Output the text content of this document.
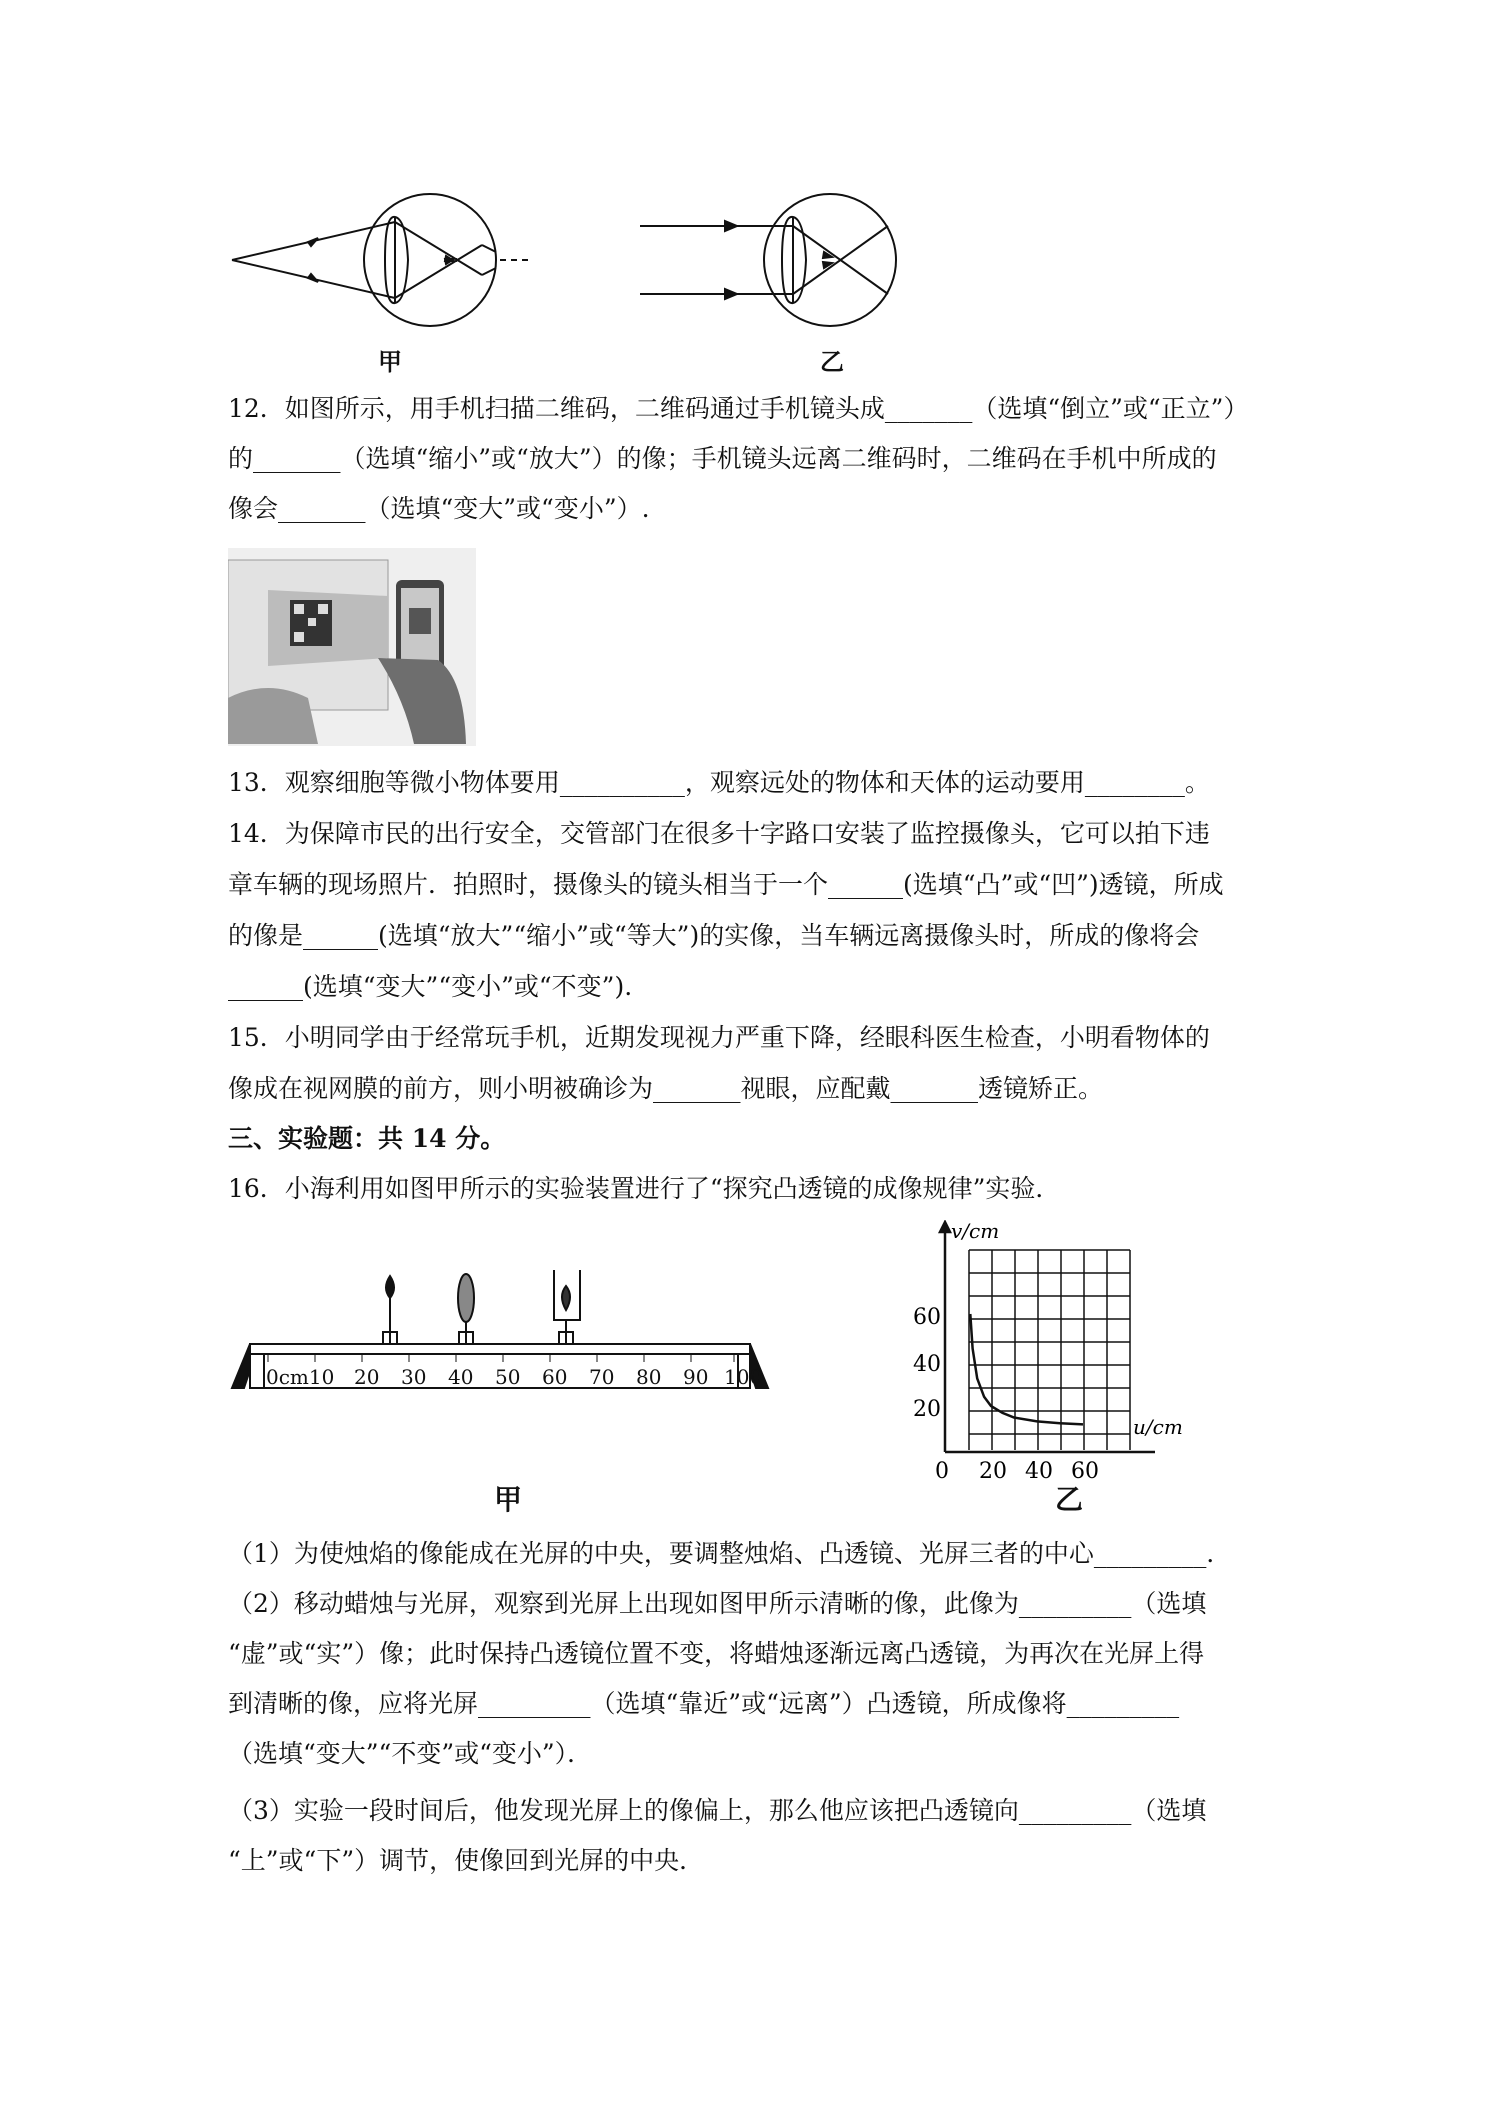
甲	乙
12．如图所示，用手机扫描二维码，二维码通过手机镜头成_______（选填“倒立”或“正立”）
的_______（选填“缩小”或“放大”）的像；手机镜头远离二维码时，二维码在手机中所成的
像会_______（选填“变大”或“变小”）.
13．观察细胞等微小物体要用__________，观察远处的物体和天体的运动要用________。
14．为保障市民的出行安全，交管部门在很多十字路口安装了监控摄像头，它可以拍下违
章车辆的现场照片．拍照时，摄像头的镜头相当于一个______(选填“凸”或“凹”)透镜，所成
的像是______(选填“放大”“缩小”或“等大”)的实像，当车辆远离摄像头时，所成的像将会
______(选填“变大”“变小”或“不变”).
15．小明同学由于经常玩手机，近期发现视力严重下降，经眼科医生检查，小明看物体的
像成在视网膜的前方，则小明被确诊为_______视眼，应配戴_______透镜矫正。
三、实验题：共 14 分。
16．小海利用如图甲所示的实验装置进行了“探究凸透镜的成像规律”实验．
0cm10 20 30 40 50 60 70 80 90 100
甲
v/cm
u/cm
60
40
20
0 20 40 60
乙
（1）为使烛焰的像能成在光屏的中央，要调整烛焰、凸透镜、光屏三者的中心_________．
（2）移动蜡烛与光屏，观察到光屏上出现如图甲所示清晰的像，此像为_________（选填
“虚”或“实”）像；此时保持凸透镜位置不变，将蜡烛逐渐远离凸透镜，为再次在光屏上得
到清晰的像，应将光屏_________（选填“靠近”或“远离”）凸透镜，所成像将_________
（选填“变大”“不变”或“变小”）．
（3）实验一段时间后，他发现光屏上的像偏上，那么他应该把凸透镜向_________（选填
“上”或“下”）调节，使像回到光屏的中央．
